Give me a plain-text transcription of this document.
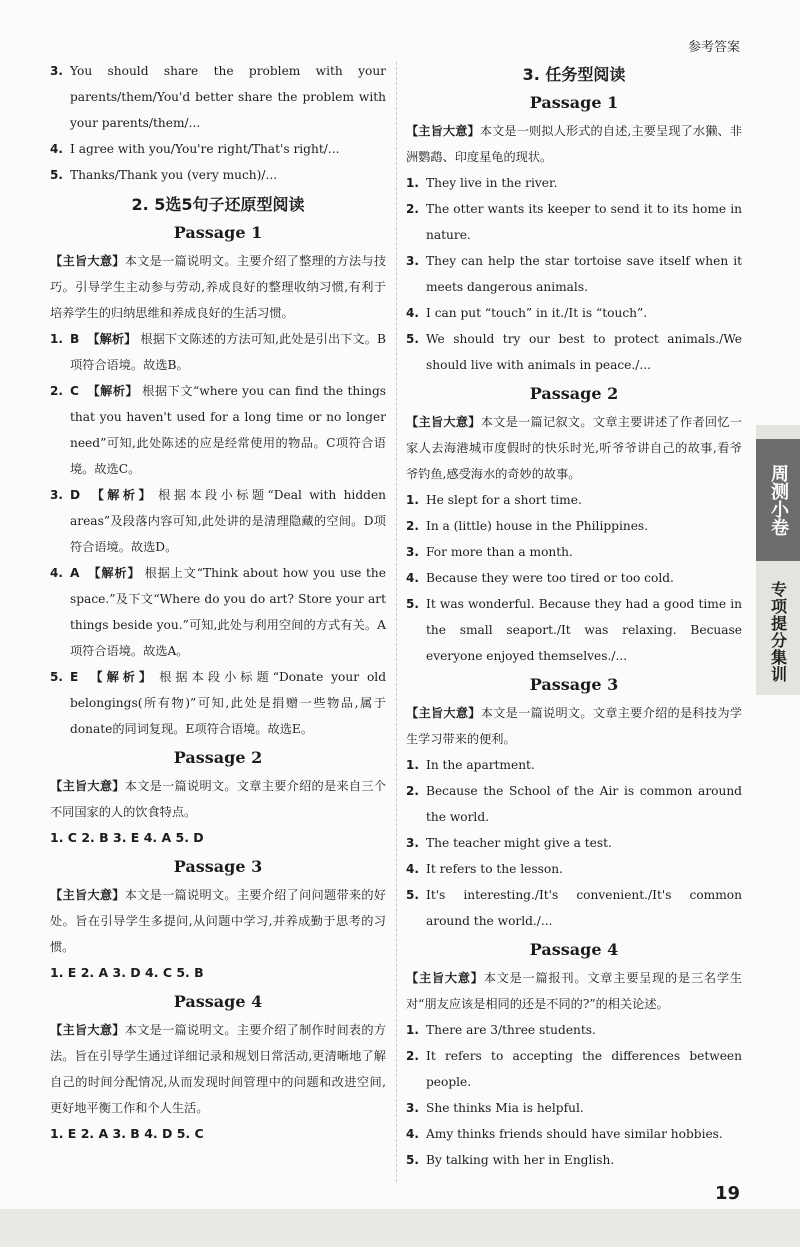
参考答案
3. You should share the problem with your parents/them/You'd better share the problem with your parents/them/...
4. I agree with you/You're right/That's right/...
5. Thanks/Thank you (very much)/...
2. 5选5句子还原型阅读
Passage 1
【主旨大意】本文是一篇说明文。主要介绍了整理的方法与技巧。引导学生主动参与劳动,养成良好的整理收纳习惯,有利于培养学生的归纳思维和养成良好的生活习惯。
1. B 【解析】 根据下文陈述的方法可知,此处是引出下文。B项符合语境。故选B。
2. C 【解析】 根据下文“where you can find the things that you haven't used for a long time or no longer need”可知,此处陈述的应是经常使用的物品。C项符合语境。故选C。
3. D 【解析】 根据本段小标题“Deal with hidden areas”及段落内容可知,此处讲的是清理隐藏的空间。D项符合语境。故选D。
4. A 【解析】 根据上文“Think about how you use the space.”及下文“Where do you do art? Store your art things beside you.”可知,此处与利用空间的方式有关。A项符合语境。故选A。
5. E 【解析】 根据本段小标题“Donate your old belongings(所有物)”可知,此处是捐赠一些物品,属于donate的同词复现。E项符合语境。故选E。
Passage 2
【主旨大意】本文是一篇说明文。文章主要介绍的是来自三个不同国家的人的饮食特点。
1. C 2. B 3. E 4. A 5. D
Passage 3
【主旨大意】本文是一篇说明文。主要介绍了问问题带来的好处。旨在引导学生多提问,从问题中学习,并养成勤于思考的习惯。
1. E 2. A 3. D 4. C 5. B
Passage 4
【主旨大意】本文是一篇说明文。主要介绍了制作时间表的方法。旨在引导学生通过详细记录和规划日常活动,更清晰地了解自己的时间分配情况,从而发现时间管理中的问题和改进空间,更好地平衡工作和个人生活。
1. E 2. A 3. B 4. D 5. C
3. 任务型阅读
Passage 1
【主旨大意】本文是一则拟人形式的自述,主要呈现了水獭、非洲鹦鹉、印度星龟的现状。
1. They live in the river.
2. The otter wants its keeper to send it to its home in nature.
3. They can help the star tortoise save itself when it meets dangerous animals.
4. I can put “touch” in it./It is “touch”.
5. We should try our best to protect animals./We should live with animals in peace./...
Passage 2
【主旨大意】本文是一篇记叙文。文章主要讲述了作者回忆一家人去海港城市度假时的快乐时光,听爷爷讲自己的故事,看爷爷钓鱼,感受海水的奇妙的故事。
1. He slept for a short time.
2. In a (little) house in the Philippines.
3. For more than a month.
4. Because they were too tired or too cold.
5. It was wonderful. Because they had a good time in the small seaport./It was relaxing. Becuase everyone enjoyed themselves./...
Passage 3
【主旨大意】本文是一篇说明文。文章主要介绍的是科技为学生学习带来的便利。
1. In the apartment.
2. Because the School of the Air is common around the world.
3. The teacher might give a test.
4. It refers to the lesson.
5. It's interesting./It's convenient./It's common around the world./...
Passage 4
【主旨大意】本文是一篇报刊。文章主要呈现的是三名学生对“朋友应该是相同的还是不同的?”的相关论述。
1. There are 3/three students.
2. It refers to accepting the differences between people.
3. She thinks Mia is helpful.
4. Amy thinks friends should have similar hobbies.
5. By talking with her in English.
周测小卷
专项提分集训
19
